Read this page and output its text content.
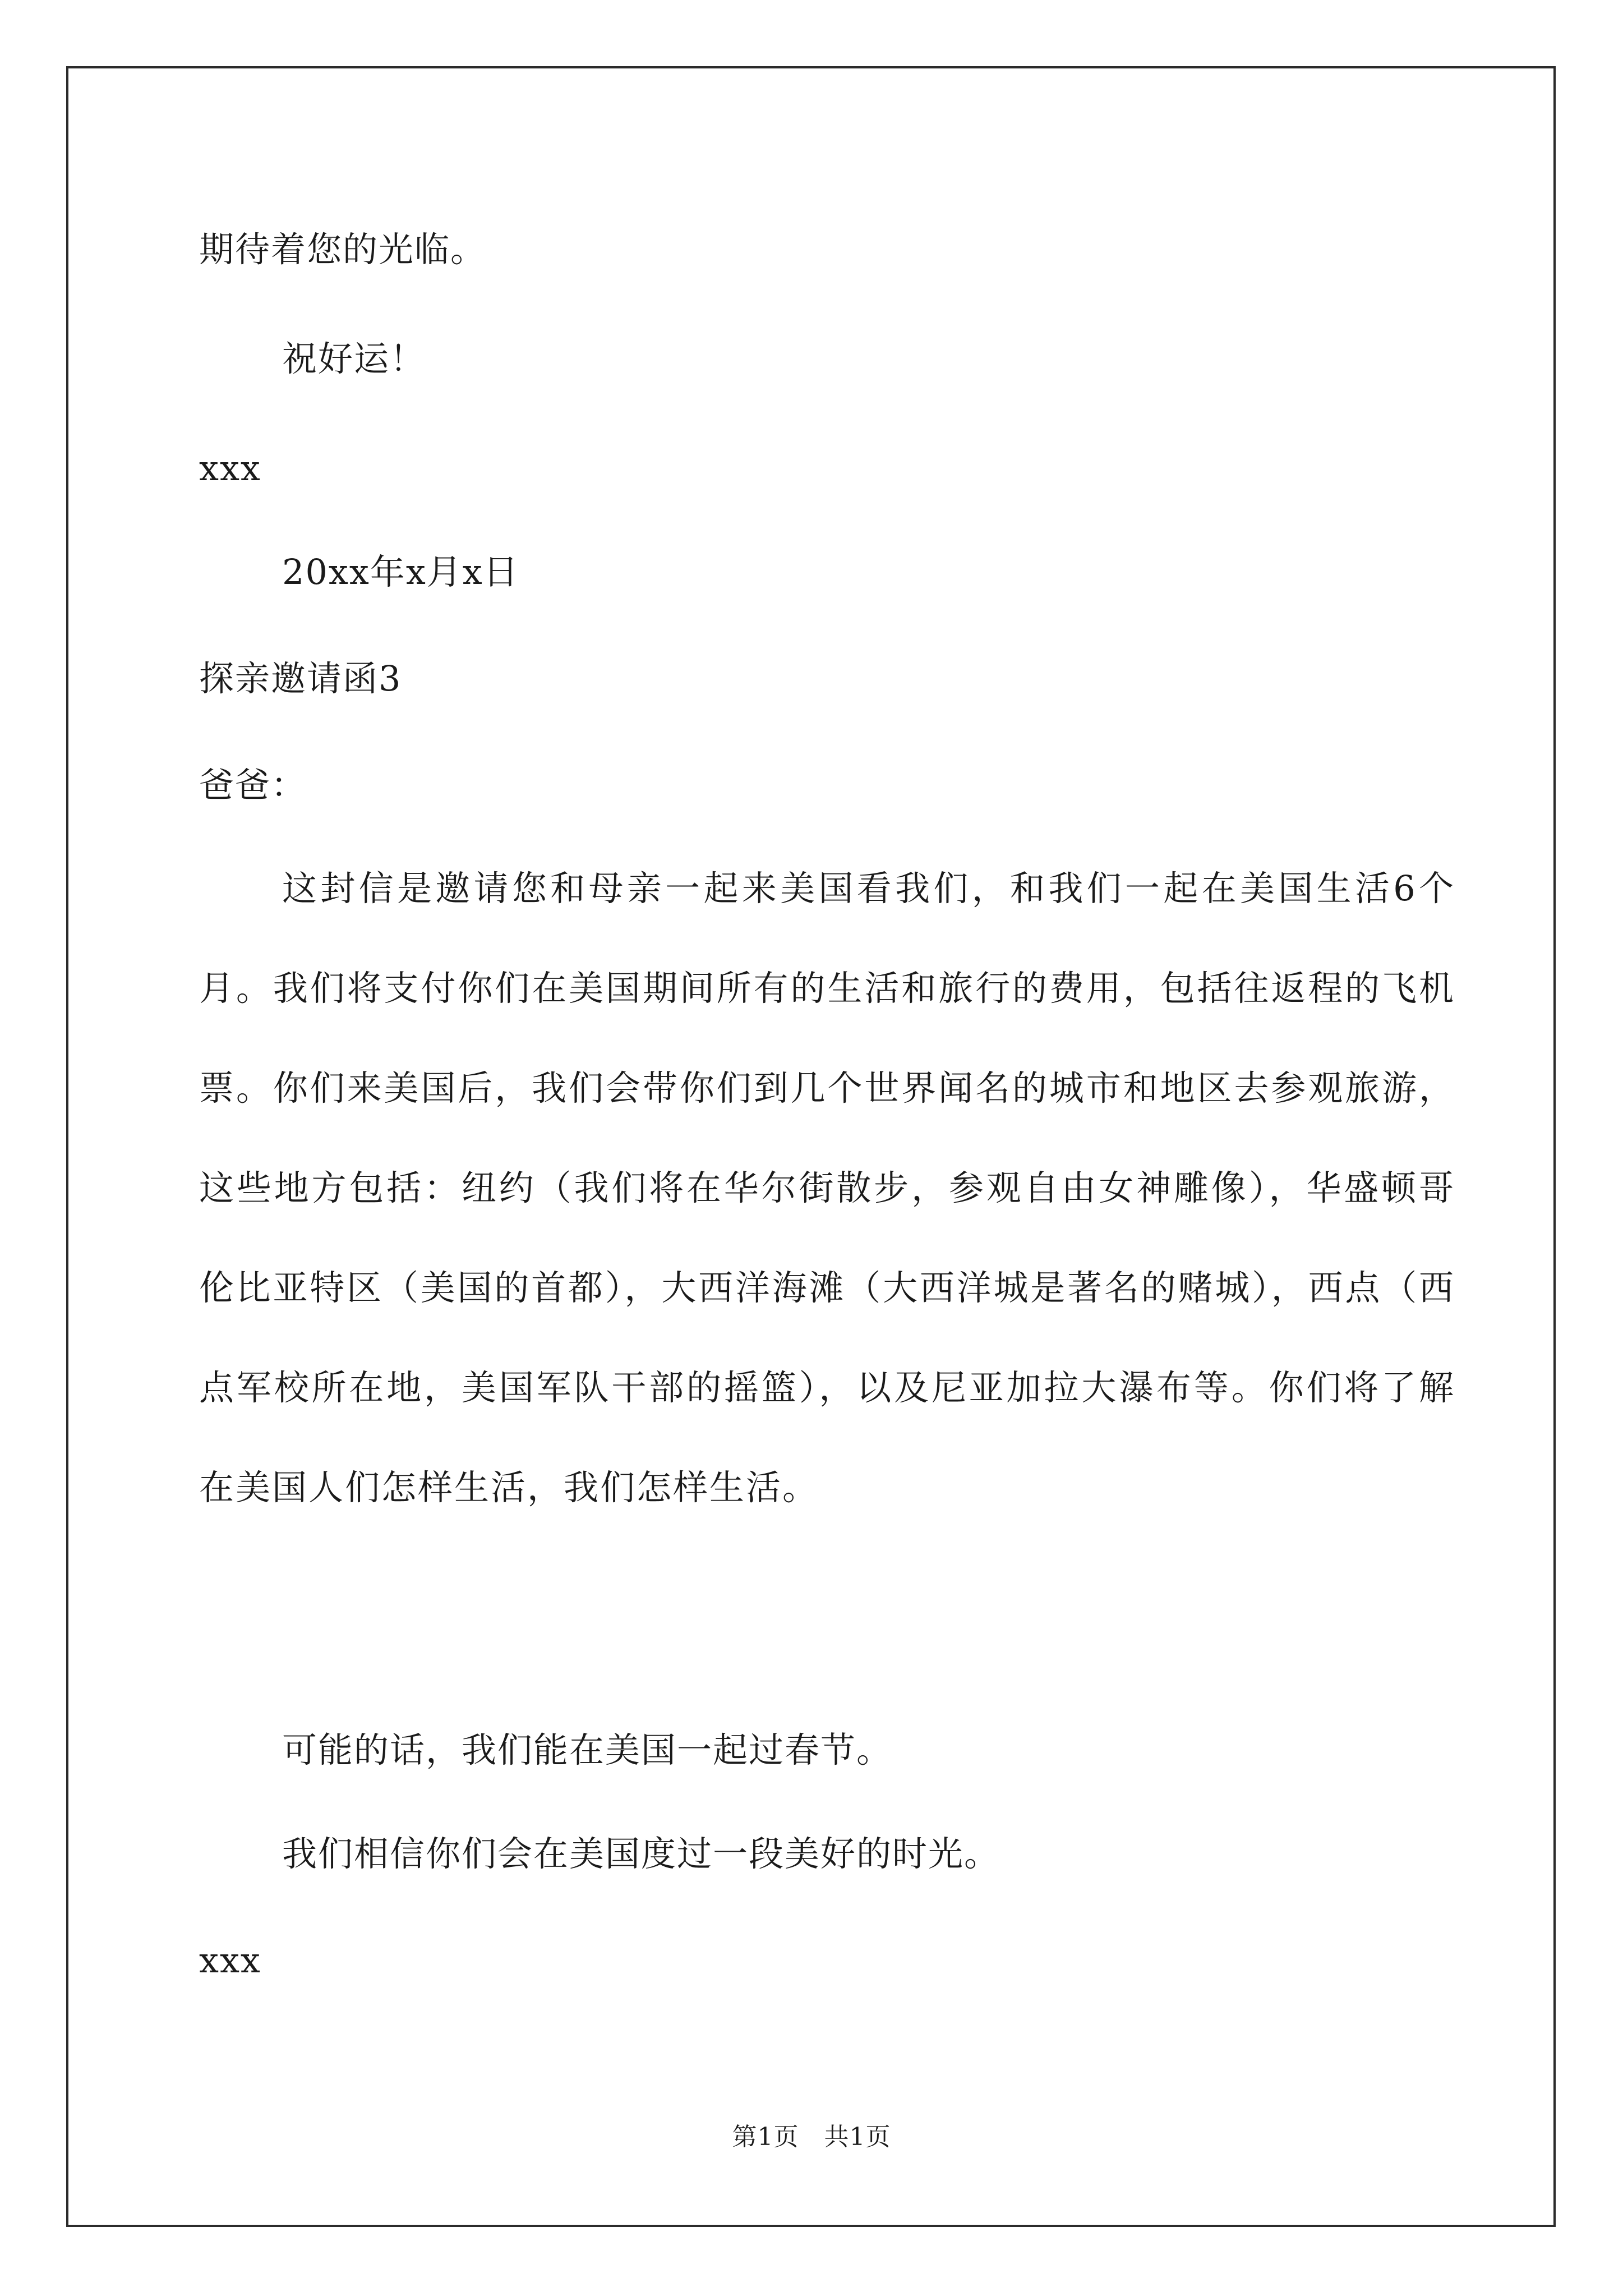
期待着您的光临。
祝好运！
xxx
20xx年x月x日
探亲邀请函3
爸爸：

这封信是邀请您和母亲一起来美国看我们，和我们一起在美国生活6个月。我们将支付你们在美国期间所有的生活和旅行的费用，包括往返程的飞机票。你们来美国后，我们会带你们到几个世界闻名的城市和地区去参观旅游，这些地方包括：纽约（我们将在华尔街散步，参观自由女神雕像），华盛顿哥伦比亚特区（美国的首都），大西洋海滩（大西洋城是著名的赌城），西点（西点军校所在地，美国军队干部的摇篮），以及尼亚加拉大瀑布等。你们将了解在美国人们怎样生活，我们怎样生活。

可能的话，我们能在美国一起过春节。
我们相信你们会在美国度过一段美好的时光。
xxx
第1页　共1页
